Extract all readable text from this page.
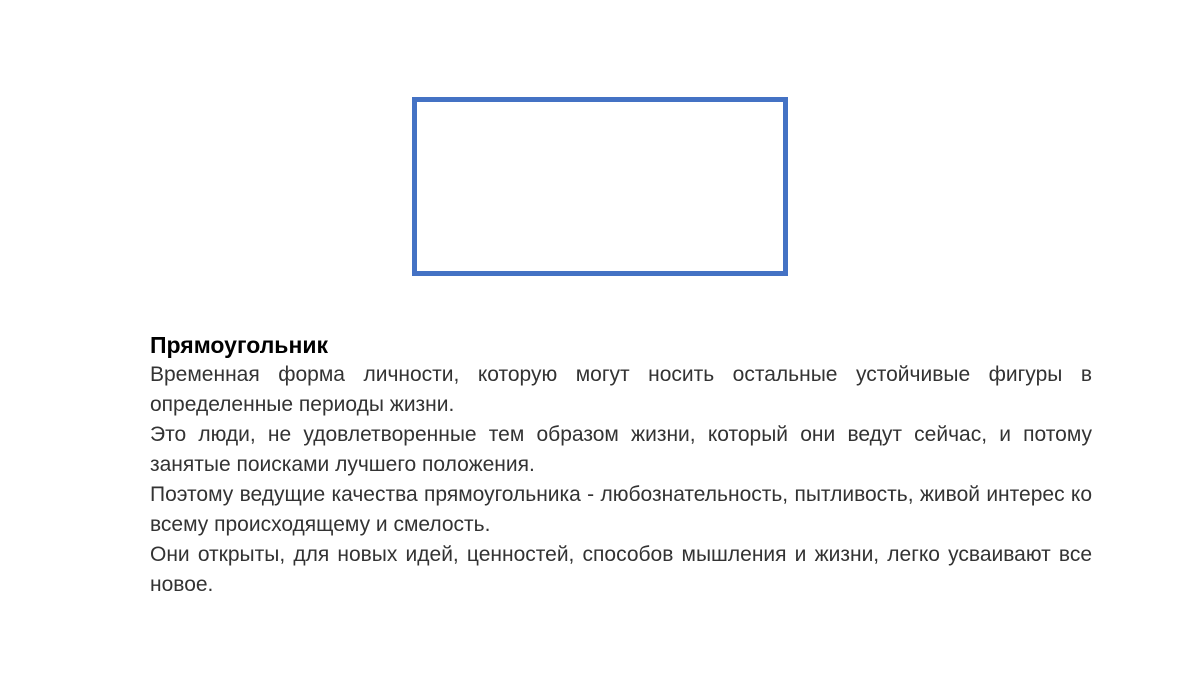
Прямоугольник

Временная форма личности, которую могут носить остальные устойчивые фигуры в определенные периоды жизни.

Это люди, не удовлетворенные тем образом жизни, который они ведут сейчас, и потому занятые поисками лучшего положения.

Поэтому ведущие качества прямоугольника - любознательность, пытливость, живой интерес ко всему происходящему и смелость.

Они открыты, для новых идей, ценностей, способов мышления и жизни, легко усваивают все новое.
